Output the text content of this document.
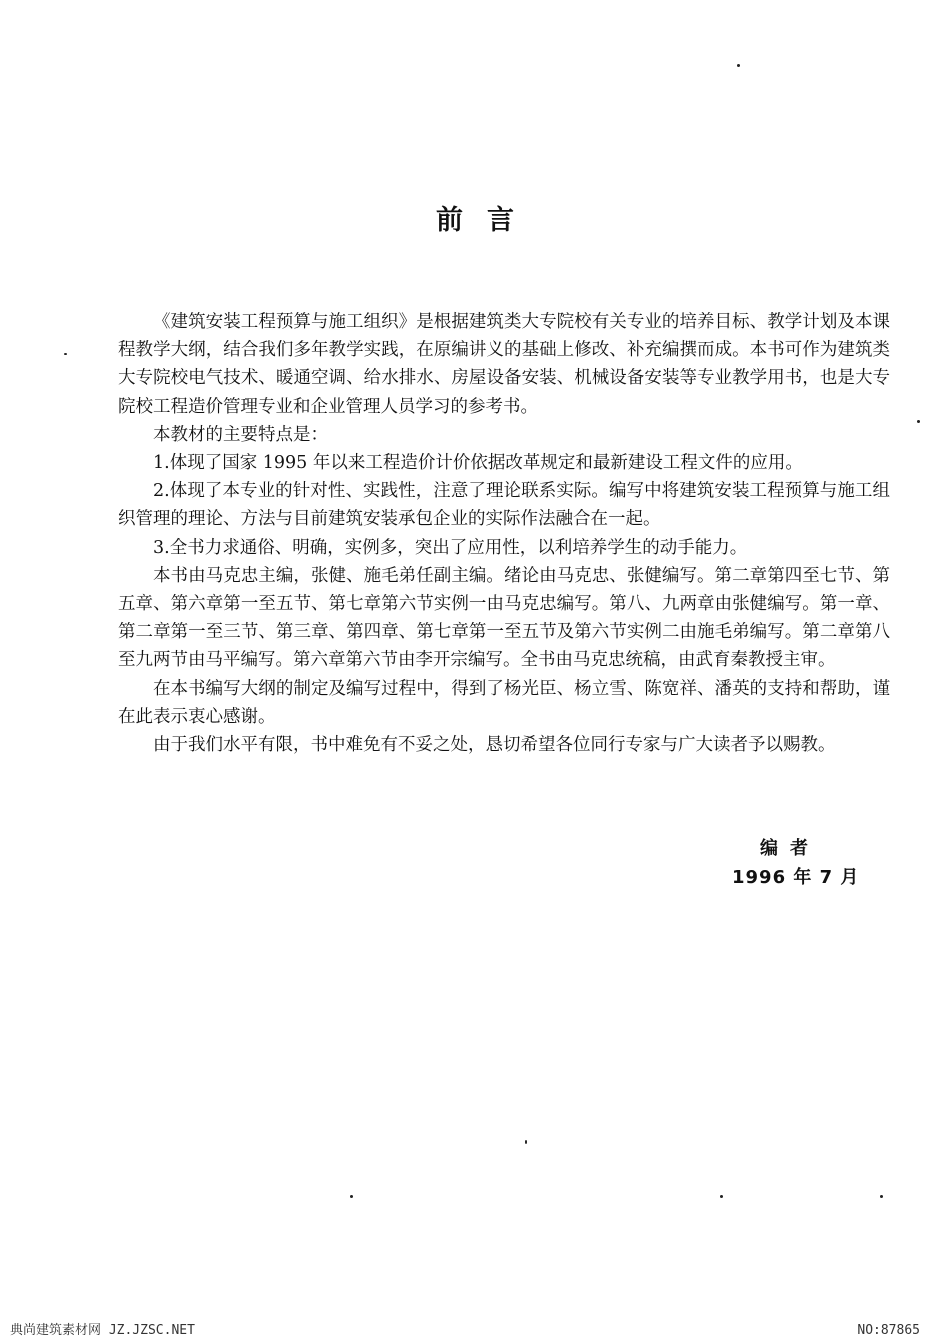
前言

《建筑安装工程预算与施工组织》是根据建筑类大专院校有关专业的培养目标、教学计划及本课程教学大纲，结合我们多年教学实践，在原编讲义的基础上修改、补充编撰而成。本书可作为建筑类大专院校电气技术、暖通空调、给水排水、房屋设备安装、机械设备安装等专业教学用书，也是大专院校工程造价管理专业和企业管理人员学习的参考书。

本教材的主要特点是：

1.体现了国家 1995 年以来工程造价计价依据改革规定和最新建设工程文件的应用。

2.体现了本专业的针对性、实践性，注意了理论联系实际。编写中将建筑安装工程预算与施工组织管理的理论、方法与目前建筑安装承包企业的实际作法融合在一起。

3.全书力求通俗、明确，实例多，突出了应用性，以利培养学生的动手能力。

本书由马克忠主编，张健、施毛弟任副主编。绪论由马克忠、张健编写。第二章第四至七节、第五章、第六章第一至五节、第七章第六节实例一由马克忠编写。第八、九两章由张健编写。第一章、第二章第一至三节、第三章、第四章、第七章第一至五节及第六节实例二由施毛弟编写。第二章第八至九两节由马平编写。第六章第六节由李开宗编写。全书由马克忠统稿，由武育秦教授主审。

在本书编写大纲的制定及编写过程中，得到了杨光臣、杨立雪、陈宽祥、潘英的支持和帮助，谨在此表示衷心感谢。

由于我们水平有限，书中难免有不妥之处，恳切希望各位同行专家与广大读者予以赐教。

编者
1996 年 7 月
典尚建筑素材网 JZ.JZSC.NET	NO:87865
